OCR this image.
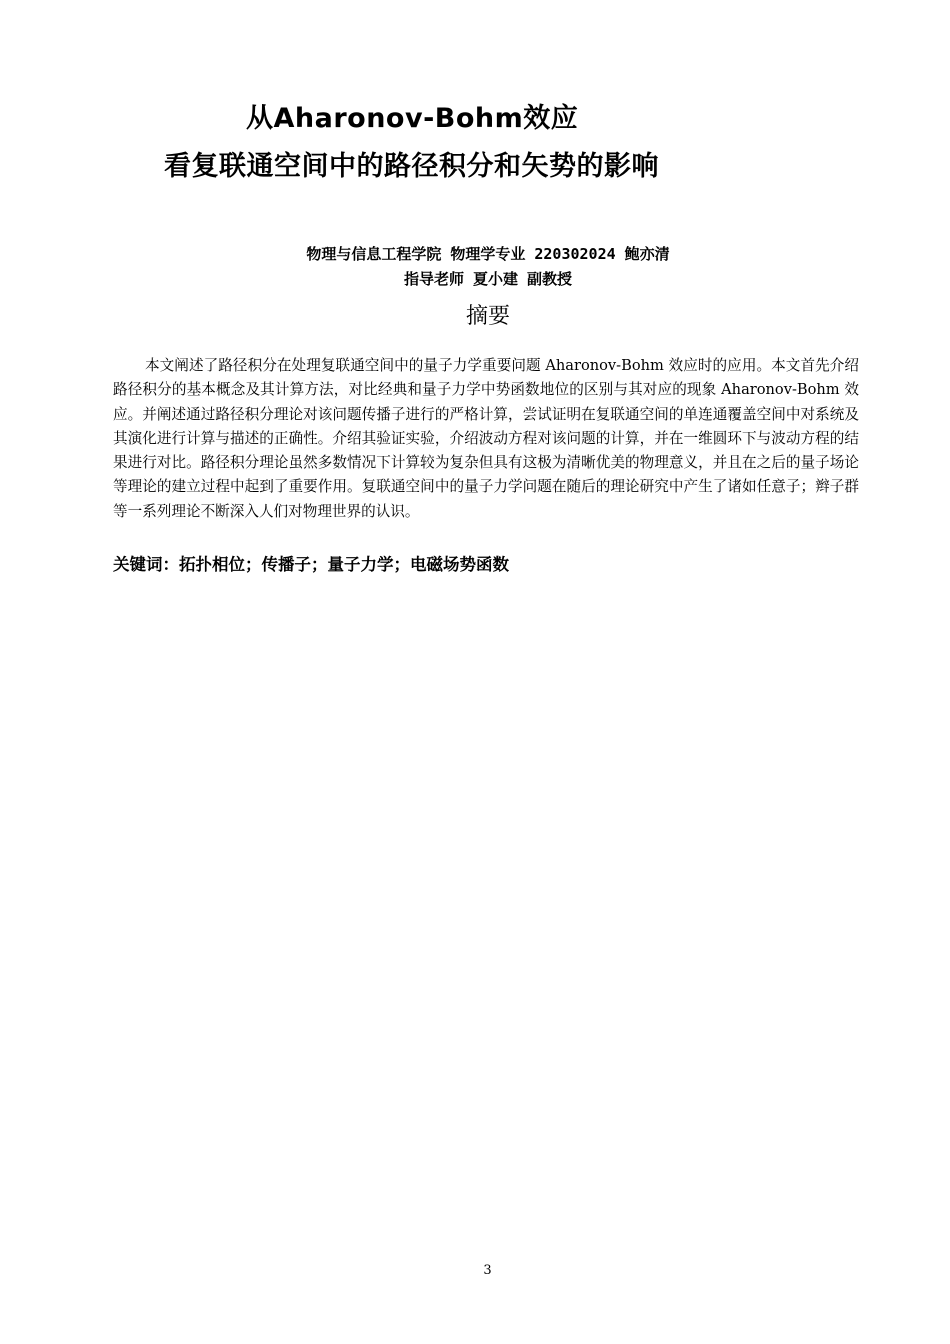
从Aharonov-Bohm效应
看复联通空间中的路径积分和矢势的影响
物理与信息工程学院 物理学专业 220302024 鲍亦清
指导老师 夏小建 副教授
摘要

本文阐述了路径积分在处理复联通空间中的量子力学重要问题 Aharonov-Bohm 效应时的应用。本文首先介绍路径积分的基本概念及其计算方法，对比经典和量子力学中势函数地位的区别与其对应的现象 Aharonov-Bohm 效应。并阐述通过路径积分理论对该问题传播子进行的严格计算，尝试证明在复联通空间的单连通覆盖空间中对系统及其演化进行计算与描述的正确性。介绍其验证实验，介绍波动方程对该问题的计算，并在一维圆环下与波动方程的结果进行对比。路径积分理论虽然多数情况下计算较为复杂但具有这极为清晰优美的物理意义，并且在之后的量子场论等理论的建立过程中起到了重要作用。复联通空间中的量子力学问题在随后的理论研究中产生了诸如任意子；辫子群等一系列理论不断深入人们对物理世界的认识。

关键词：拓扑相位；传播子；量子力学；电磁场势函数
3
